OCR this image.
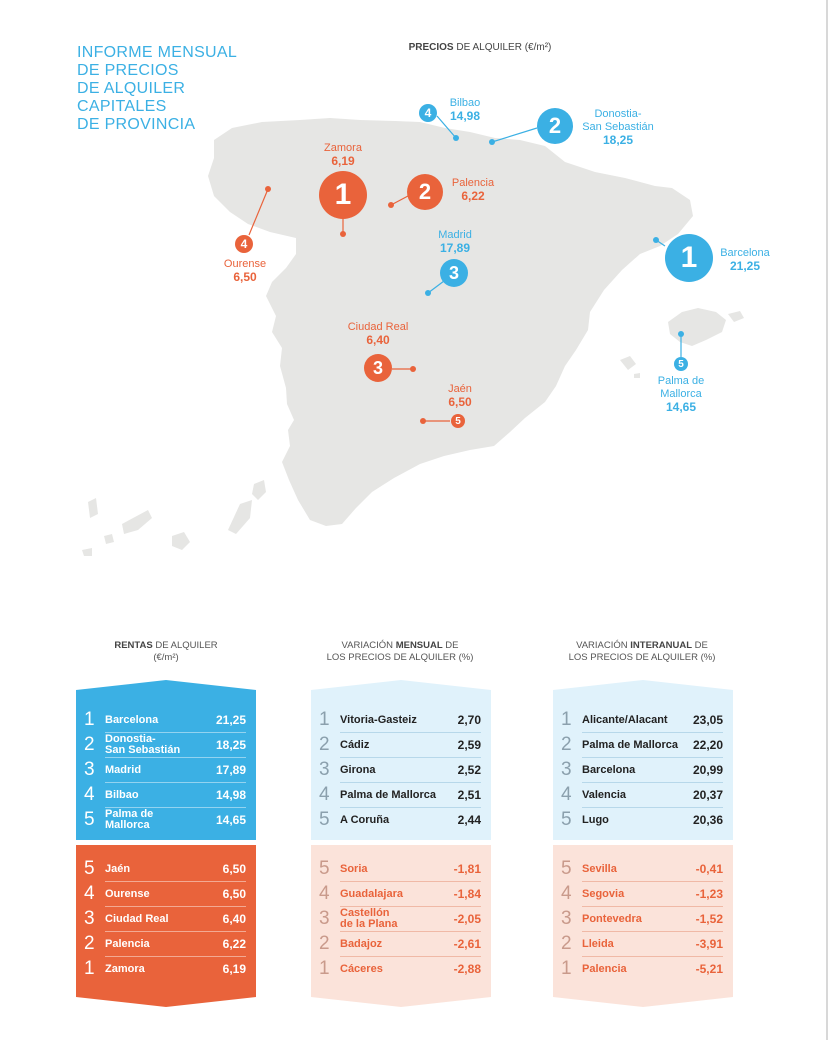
INFORME MENSUAL
DE PRECIOS
DE ALQUILER
CAPITALES
DE PROVINCIA
PRECIOS DE ALQUILER (€/m²)
Bilbao
14,98
4	2	Donostia-
San Sebastián
18,25
1	Barcelona
21,25
Madrid
17,89
3
5
Palma de
Mallorca
14,65
Zamora
6,19
1	2	Palencia
6,22
4
Ourense
6,50
Ciudad Real
6,40
3
Jaén
6,50
5
RENTAS DE ALQUILER
(€/m²)
VARIACIÓN MENSUAL DE
LOS PRECIOS DE ALQUILER (%)
VARIACIÓN INTERANUAL DE
LOS PRECIOS DE ALQUILER (%)
1 Barcelona	21,25
2 Donostia-
San Sebastián	18,25
3 Madrid	17,89
4 Bilbao	14,98
5 Palma de
Mallorca	14,65
5 Jaén	6,50
4 Ourense	6,50
3 Ciudad Real	6,40
2 Palencia	6,22
1 Zamora	6,19
1 Vitoria-Gasteiz	2,70
2 Cádiz	2,59
3 Girona	2,52
4 Palma de Mallorca	2,51
5 A Coruña	2,44
5 Soria	-1,81
4 Guadalajara	-1,84
3 Castellón
de la Plana	-2,05
2 Badajoz	-2,61
1 Cáceres	-2,88
1 Alicante/Alacant	23,05
2 Palma de Mallorca	22,20
3 Barcelona	20,99
4 Valencia	20,37
5 Lugo	20,36
5 Sevilla	-0,41
4 Segovia	-1,23
3 Pontevedra	-1,52
2 Lleida	-3,91
1 Palencia	-5,21
